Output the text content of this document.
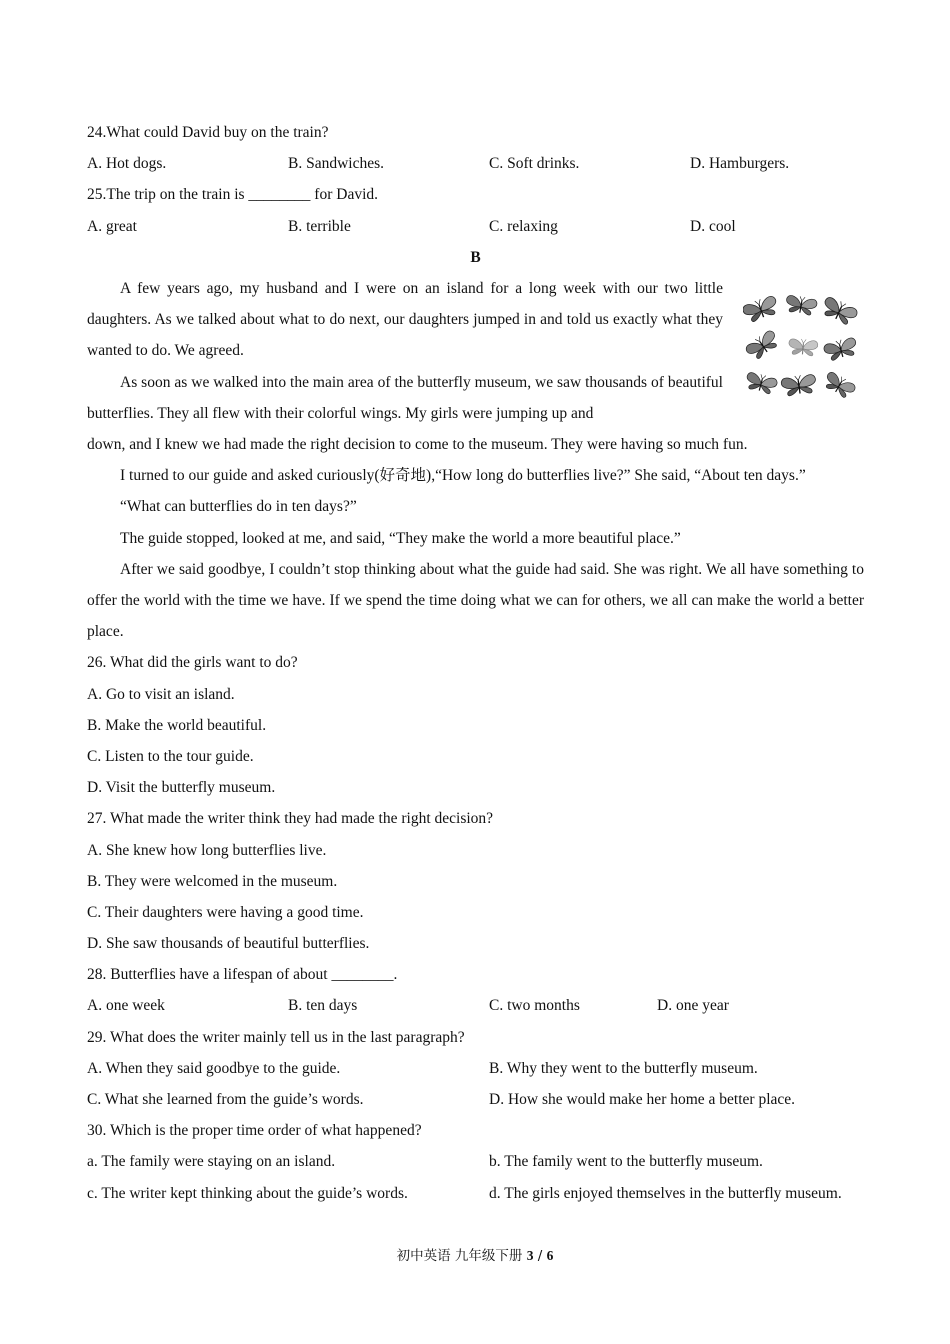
24.What could David buy on the train?
A. Hot dogs.	B. Sandwiches.	C. Soft drinks.	D. Hamburgers.
25.The trip on the train is ________ for David.
A. great	B. terrible	C. relaxing	D. cool
B

A few years ago, my husband and I were on an island for a long week with our two little daughters. As we talked about what to do next, our daughters jumped in and told us exactly what they wanted to do. We agreed.

As soon as we walked into the main area of the butterfly museum, we saw thousands of beautiful butterflies. They all flew with their colorful wings. My girls were jumping up and

down, and I knew we had made the right decision to come to the museum. They were having so much fun.

I turned to our guide and asked curiously(好奇地),“How long do butterflies live?” She said, “About ten days.”

“What can butterflies do in ten days?”

The guide stopped, looked at me, and said, “They make the world a more beautiful place.”

After we said goodbye, I couldn’t stop thinking about what the guide had said. She was right. We all have something to offer the world with the time we have. If we spend the time doing what we can for others, we all can make the world a better place.

26. What did the girls want to do?
A. Go to visit an island.
B. Make the world beautiful.
C. Listen to the tour guide.
D. Visit the butterfly museum.
27. What made the writer think they had made the right decision?
A. She knew how long butterflies live.
B. They were welcomed in the museum.
C. Their daughters were having a good time.
D. She saw thousands of beautiful butterflies.
28. Butterflies have a lifespan of about ________.
A. one week	B. ten days	C. two months	D. one year
29. What does the writer mainly tell us in the last paragraph?
A. When they said goodbye to the guide.	B. Why they went to the butterfly museum.
C. What she learned from the guide’s words.	D. How she would make her home a better place.
30. Which is the proper time order of what happened?
a. The family were staying on an island.	b. The family went to the butterfly museum.
c. The writer kept thinking about the guide’s words.	d. The girls enjoyed themselves in the butterfly museum.
初中英语 九年级下册 3 / 6
